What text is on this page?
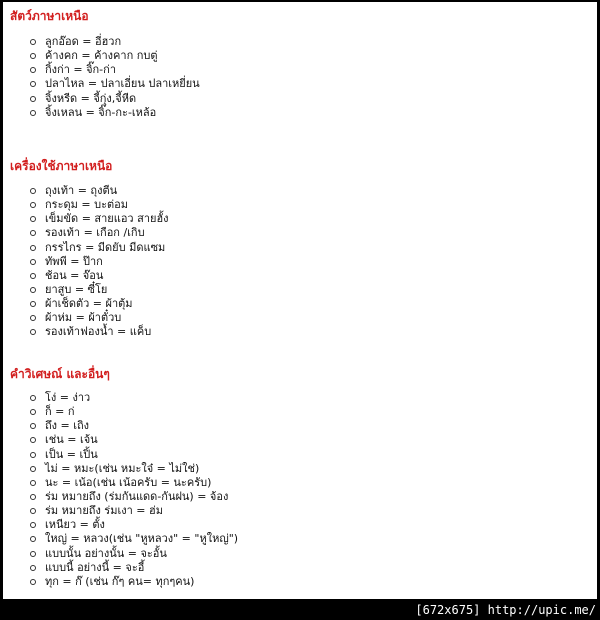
สัตว์ภาษาเหนือ
ลูกอ๊อด = อี่ฮวก
ค้างคก = ค้างคาก กบตู่
กิ้งก่า = จิ๊ก-ก่า
ปลาไหล = ปลาเอี่ยน ปลาเหยี่ยน
จิ้งหรีด = จี้กุ่ง,จี้หีด
จิ้งเหลน = จิ๊ก-กะ-เหล้อ
เครื่องใช้ภาษาเหนือ
ถุงเท้า = ถุงตีน
กระดุม = บะต่อม
เข็มขัด = สายแอว สายฮั้ง
รองเท้า = เกือก /เกิบ
กรรไกร = มีดยับ มีดแซม
ทัพพี = ป๊าก
ช้อน = จ๊อน
ยาสูบ = ซี๋โย
ผ้าเช็ดตัว = ผ้าตุ้ม
ผ้าห่ม = ผ้าตั๋วบ
รองเท้าฟองน้ำ = แค็บ
คำวิเศษณ์ และอื่นๆ
โง่ = ง่าว
ก็ = ก่
ถึง = เถิง
เช่น = เจ้น
เป็น = เปิ้น
ไม่ = หมะ(เช่น หมะใจ๋ = ไม่ใช่)
นะ = เน้อ(เช่น เน้อครับ = นะครับ)
ร่ม หมายถึง (ร่มกันแดด-กันฝน) = จ้อง
ร่ม หมายถึง ร่มเงา = ฮ่ม
เหนียว = ตั้ง
ใหญ่ = หลวง(เช่น "หูหลวง" = "หูใหญ่")
แบบนั้น อย่างนั้น = จะอั้น
แบบนี้ อย่างนี้ = จะอี้
ทุก = ก๊ (เช่น ก๊ๆ คน= ทุกๆคน)
[672x675] http://upic.me/
